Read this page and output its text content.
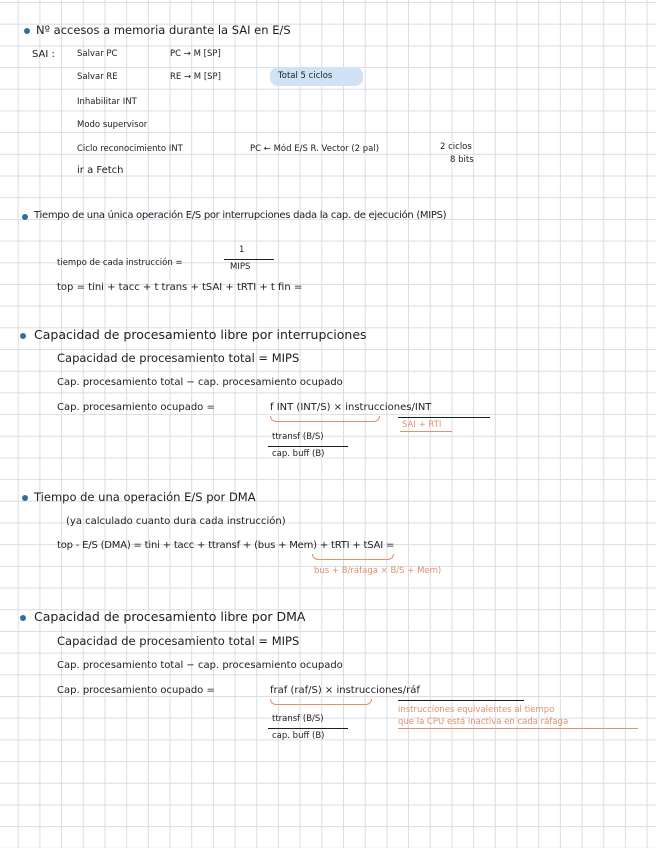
Nº accesos a memoria durante la SAI en E/S
SAI :	Salvar PC	PC → M [SP]
Salvar RE	RE → M [SP]	Total 5 ciclos
Inhabilitar INT
Modo supervisor
Ciclo reconocimiento INT	PC ← Mód E/S R. Vector (2 pal)	2 ciclos
8 bits
ir a Fetch
Tiempo de una única operación E/S por interrupciones dada la cap. de ejecución (MIPS)
tiempo de cada instrucción =
1
MIPS
top = tini + tacc + t trans + tSAI + tRTI + t fin =
Capacidad de procesamiento libre por interrupciones
Capacidad de procesamiento total = MIPS
Cap. procesamiento total − cap. procesamiento ocupado
Cap. procesamiento ocupado =	f INT (INT/S) × instrucciones/INT
SAI + RTI
ttransf (B/S)
cap. buff (B)
Tiempo de una operación E/S por DMA
(ya calculado cuanto dura cada instrucción)
top - E/S (DMA) = tini + tacc + ttransf + (bus + Mem) + tRTI + tSAI =
bus + B/ráfaga × B/S + Mem)
Capacidad de procesamiento libre por DMA
Capacidad de procesamiento total = MIPS
Cap. procesamiento total − cap. procesamiento ocupado
Cap. procesamiento ocupado =	fraf (raf/S) × instrucciones/ráf
instrucciones equivalentes al tiempo
que la CPU está inactiva en cada ráfaga
ttransf (B/S)
cap. buff (B)
